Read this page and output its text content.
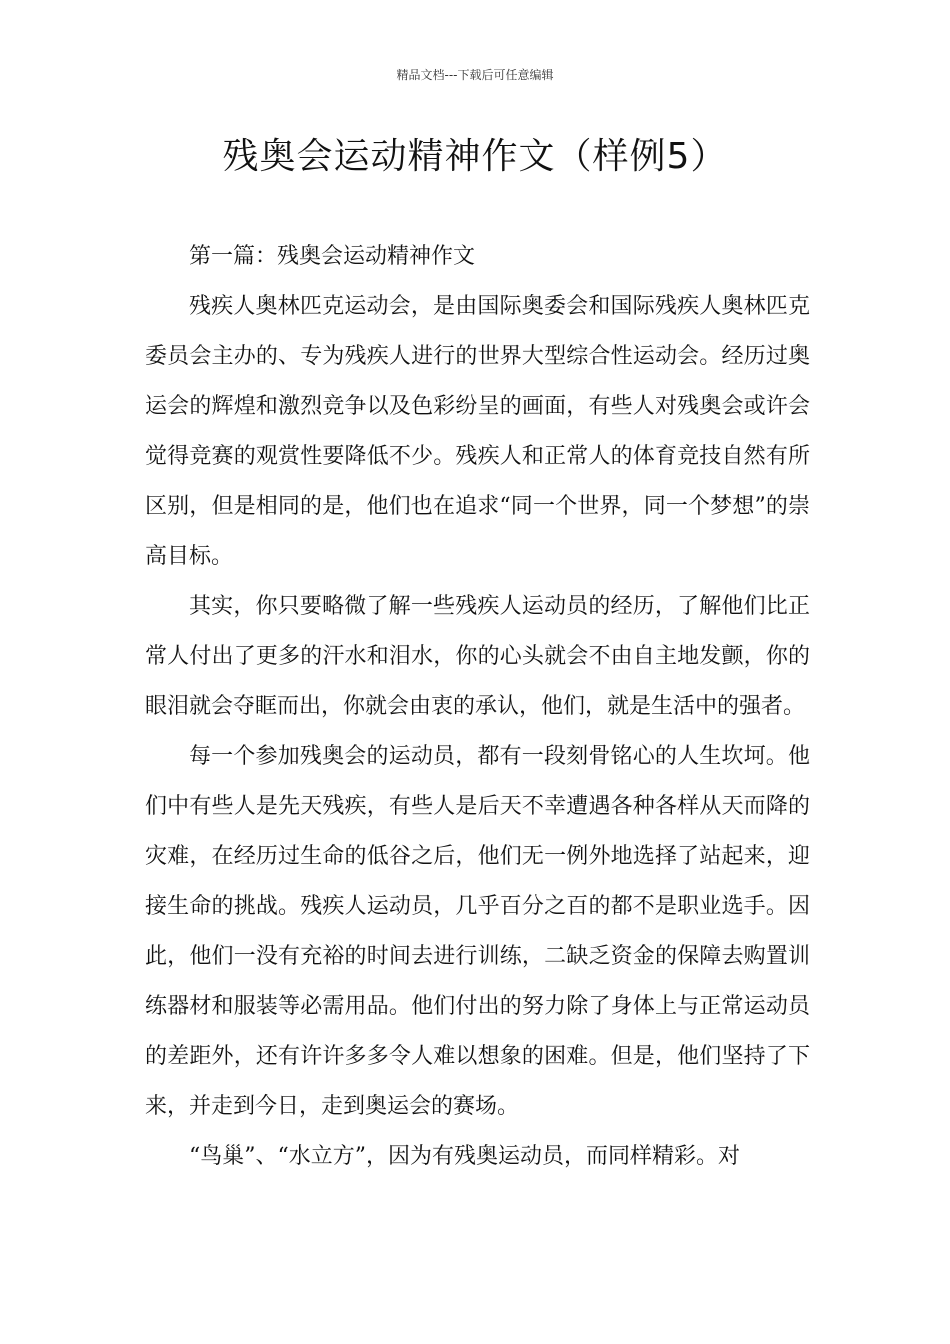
精品文档---下载后可任意编辑
残奥会运动精神作文（样例5）

第一篇：残奥会运动精神作文

残疾人奥林匹克运动会，是由国际奥委会和国际残疾人奥林匹克委员会主办的、专为残疾人进行的世界大型综合性运动会。经历过奥运会的辉煌和激烈竞争以及色彩纷呈的画面，有些人对残奥会或许会觉得竞赛的观赏性要降低不少。残疾人和正常人的体育竞技自然有所区别，但是相同的是，他们也在追求“同一个世界，同一个梦想”的崇高目标。

其实，你只要略微了解一些残疾人运动员的经历，了解他们比正常人付出了更多的汗水和泪水，你的心头就会不由自主地发颤，你的眼泪就会夺眶而出，你就会由衷的承认，他们，就是生活中的强者。

每一个参加残奥会的运动员，都有一段刻骨铭心的人生坎坷。他们中有些人是先天残疾，有些人是后天不幸遭遇各种各样从天而降的灾难，在经历过生命的低谷之后，他们无一例外地选择了站起来，迎接生命的挑战。残疾人运动员，几乎百分之百的都不是职业选手。因此，他们一没有充裕的时间去进行训练，二缺乏资金的保障去购置训练器材和服装等必需用品。他们付出的努力除了身体上与正常运动员的差距外，还有许许多多令人难以想象的困难。但是，他们坚持了下来，并走到今日，走到奥运会的赛场。

“鸟巢”、“水立方”，因为有残奥运动员，而同样精彩。对
